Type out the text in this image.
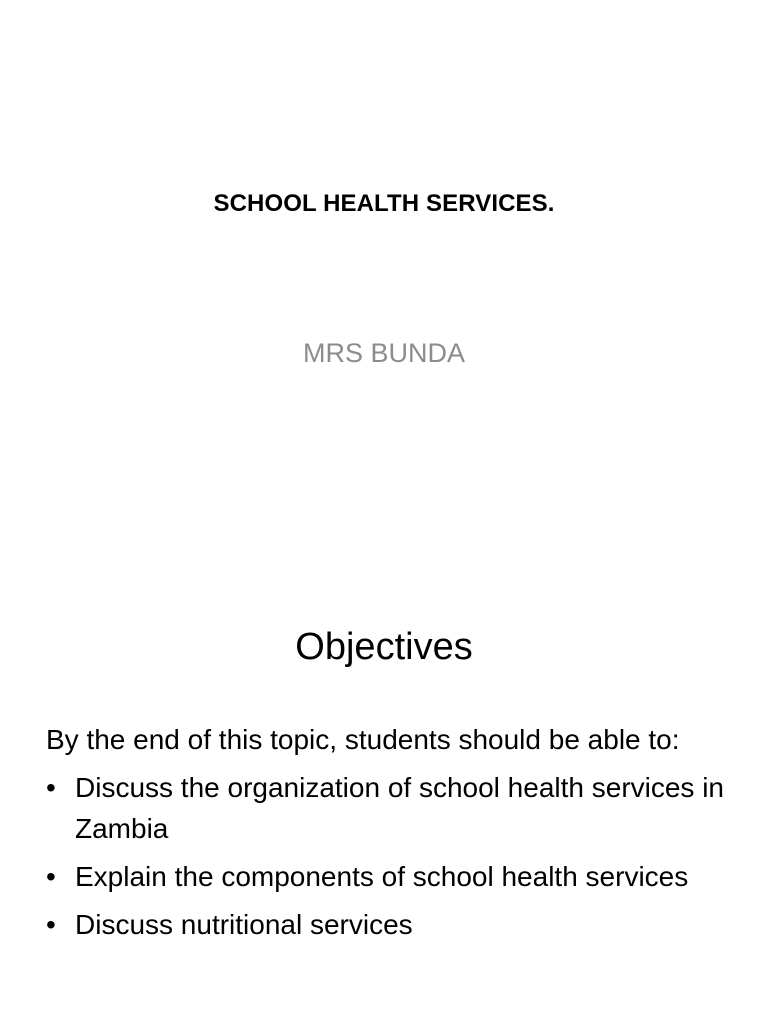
SCHOOL HEALTH SERVICES.
MRS BUNDA
Objectives

By the end of this topic, students should be able to:

• Discuss the organization of school health services in Zambia
• Explain the components of school health services
• Discuss nutritional services
